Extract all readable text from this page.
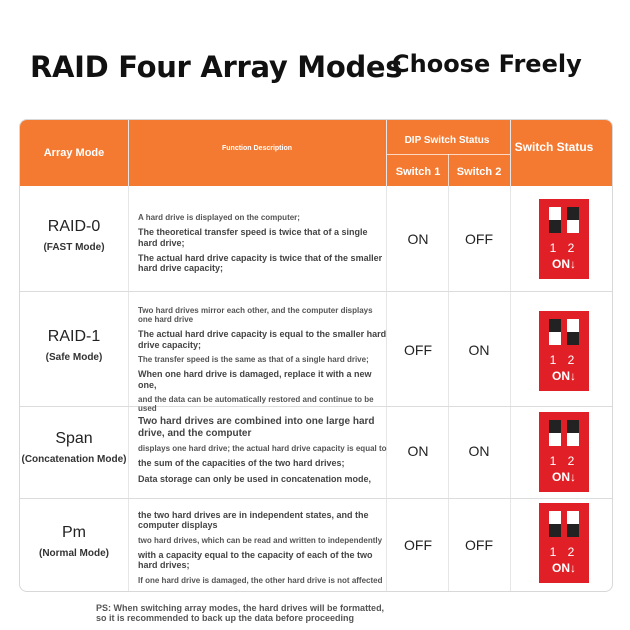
RAID Four Array Modes
Choose Freely
Array Mode	Function Description
DIP Switch Status
Switch 1	Switch 2
Switch Status
RAID-0
(FAST Mode)

A hard drive is displayed on the computer;

The theoretical transfer speed is twice that of a single hard drive;

The actual hard drive capacity is twice that of the smaller hard drive capacity;

ON	OFF
1 2
ON↓
RAID-1
(Safe Mode)

Two hard drives mirror each other, and the computer displays one hard drive

The actual hard drive capacity is equal to the smaller hard drive capacity;

The transfer speed is the same as that of a single hard drive;

When one hard drive is damaged, replace it with a new one,

and the data can be automatically restored and continue to be used

OFF	ON
1 2
ON↓
Span
(Concatenation Mode)

Two hard drives are combined into one large hard drive, and the computer

displays one hard drive; the actual hard drive capacity is equal to

the sum of the capacities of the two hard drives;

Data storage can only be used in concatenation mode,

ON	ON
1 2
ON↓
Pm
(Normal Mode)

the two hard drives are in independent states, and the computer displays

two hard drives, which can be read and written to independently

with a capacity equal to the capacity of each of the two hard drives;

If one hard drive is damaged, the other hard drive is not affected

OFF	OFF	1 2
ON↓
PS: When switching array modes, the hard drives will be formatted,
so it is recommended to back up the data before proceeding
